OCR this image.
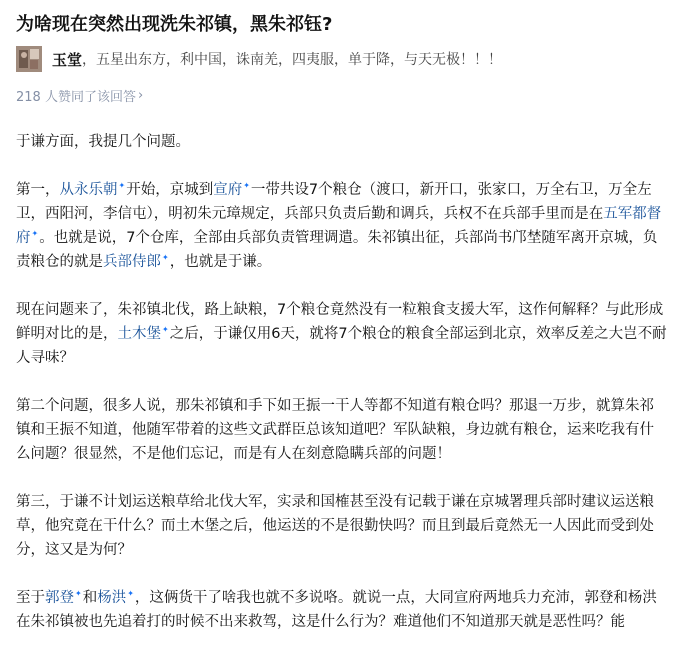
为啥现在突然出现洗朱祁镇，黑朱祁钰?
玉堂 ，五星出东方，利中国，诛南羌，四夷服，单于降，与天无极！！！
218 人赞同了该回答 ›

于谦方面，我提几个问题。

第一，从永乐朝✦开始，京城到宣府✦一带共设7个粮仓（渡口，新开口，张家口，万全右卫，万全左卫，西阳河，李信屯），明初朱元璋规定，兵部只负责后勤和调兵，兵权不在兵部手里而是在五军都督府✦。也就是说，7个仓库，全部由兵部负责管理调遣。朱祁镇出征，兵部尚书邝埜随军离开京城，负责粮仓的就是兵部侍郎✦，也就是于谦。

现在问题来了，朱祁镇北伐，路上缺粮，7个粮仓竟然没有一粒粮食支援大军，这作何解释？与此形成鲜明对比的是，土木堡✦之后，于谦仅用6天，就将7个粮仓的粮食全部运到北京，效率反差之大岂不耐人寻味？

第二个问题，很多人说，那朱祁镇和手下如王振一干人等都不知道有粮仓吗？那退一万步，就算朱祁镇和王振不知道，他随军带着的这些文武群臣总该知道吧？军队缺粮，身边就有粮仓，运来吃我有什么问题？很显然，不是他们忘记，而是有人在刻意隐瞒兵部的问题！

第三，于谦不计划运送粮草给北伐大军，实录和国榷甚至没有记载于谦在京城署理兵部时建议运送粮草，他究竟在干什么？而土木堡之后，他运送的不是很勤快吗？而且到最后竟然无一人因此而受到处分，这又是为何？

至于郭登✦和杨洪✦，这俩货干了啥我也就不多说咯。就说一点，大同宣府两地兵力充沛，郭登和杨洪在朱祁镇被也先追着打的时候不出来救驾，这是什么行为？难道他们不知道那天就是恶性吗？能
